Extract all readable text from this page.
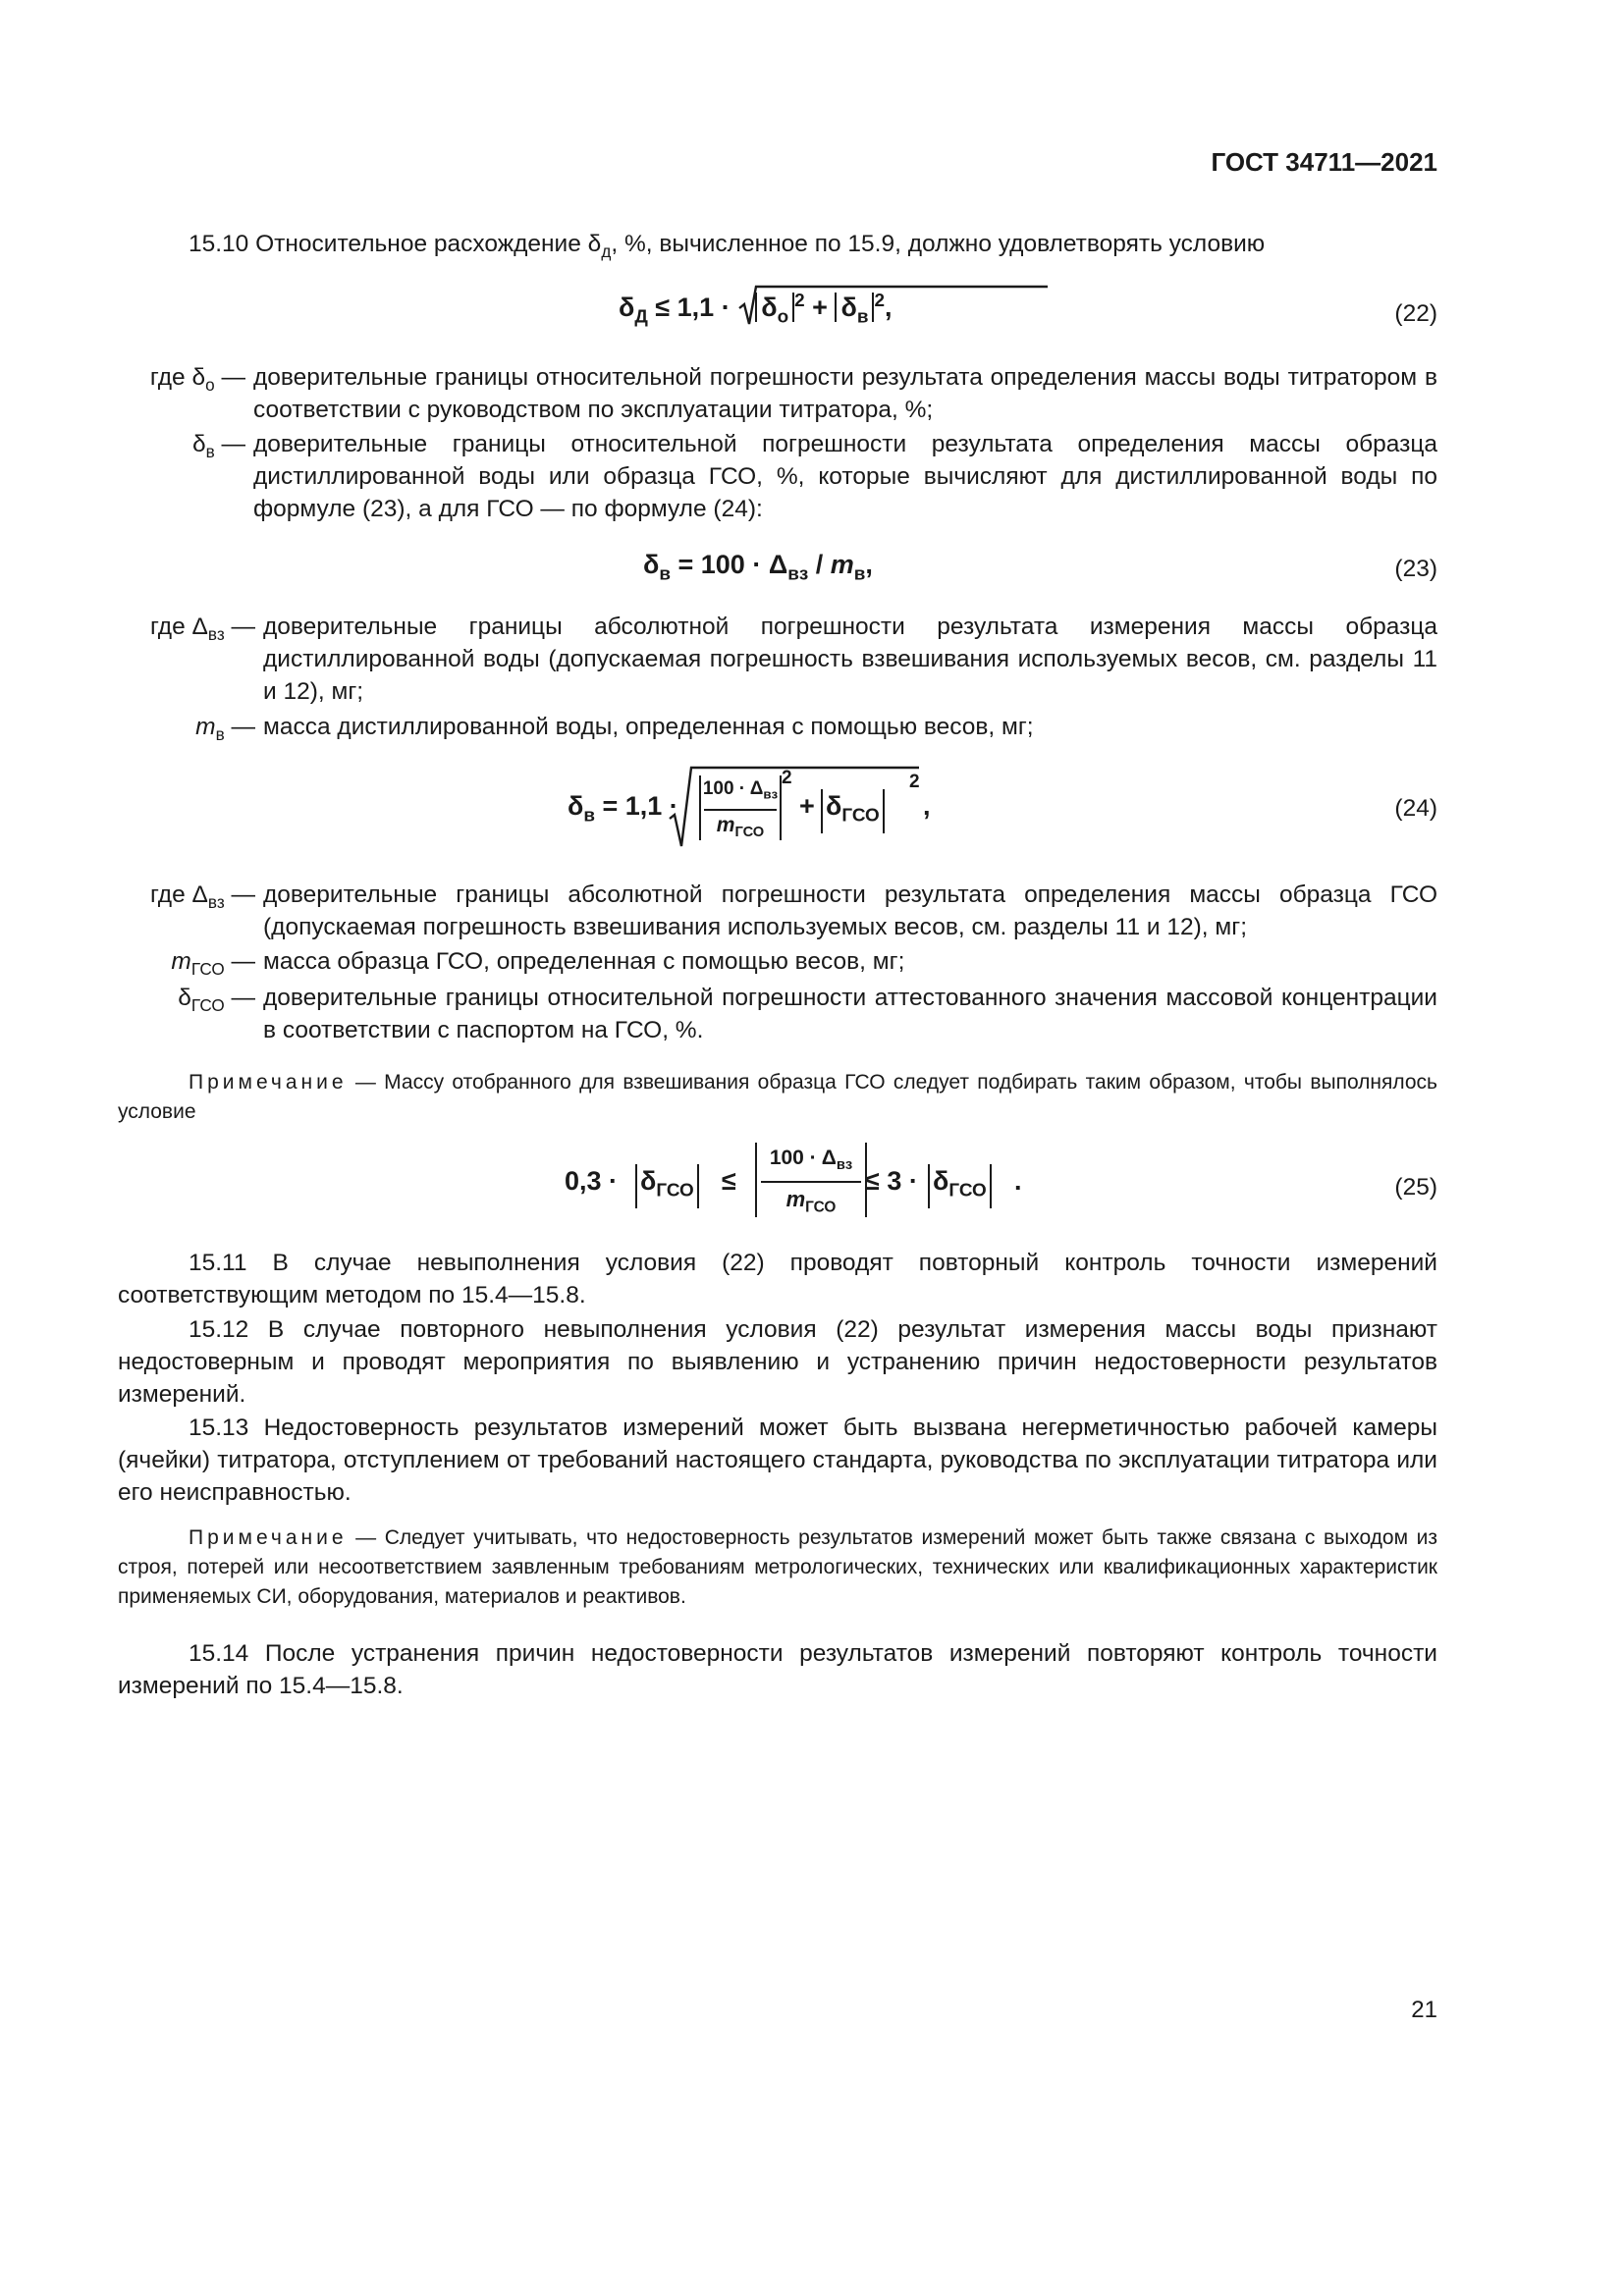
ГОСТ 34711—2021
15.10 Относительное расхождение $\delta_д$, %, вычисленное по 15.9, должно удовлетворять условию
$\delta_Д \le 1,1$ ·
$\delta_о^2 + \delta_в^2$,	(22)
где $\delta_о$ — доверительные границы относительной погрешности результата определения массы воды титратором в соответствии с руководством по эксплуатации титратора, %;
$\delta_в$ — доверительные границы относительной погрешности результата определения массы образца дистиллированной воды или образца ГСО, %, которые вычисляют для дистиллированной воды по формуле (23), а для ГСО — по формуле (24):
$\delta_в = 100 \cdot \Delta_{вз} / m_в$,	(23)
где $\Delta_{вз}$ — доверительные границы абсолютной погрешности результата измерения массы образца дистиллированной воды (допускаемая погрешность взвешивания используемых весов, см. разделы 11 и 12), мг;
$m_в$ — масса дистиллированной воды, определенная с помощью весов, мг;
$\delta_в = 1,1$ ·
$100 \cdot \Delta_{вз}$
$m_{ГСО}$
2
+ $\delta_{ГСО}$
2
,	(24)
где $\Delta_{вз}$ — доверительные границы абсолютной погрешности результата определения массы образца ГСО (допускаемая погрешность взвешивания используемых весов, см. разделы 11 и 12), мг;
$m_{ГСО}$ — масса образца ГСО, определенная с помощью весов, мг;
$\delta_{ГСО}$ — доверительные границы относительной погрешности аттестованного значения массовой концентрации в соответствии с паспортом на ГСО, %.
Примечание — Массу отобранного для взвешивания образца ГСО следует подбирать таким образом, чтобы выполнялось условие
$0,3 \cdot \delta_{ГСО}$ ≤
$100 \cdot \Delta_{вз}$
$m_{ГСО}$
≤ $3 \cdot \delta_{ГСО}$ .	(25)
15.11 В случае невыполнения условия (22) проводят повторный контроль точности измерений соответствующим методом по 15.4—15.8.
15.12 В случае повторного невыполнения условия (22) результат измерения массы воды признают недостоверным и проводят мероприятия по выявлению и устранению причин недостоверности результатов измерений.
15.13 Недостоверность результатов измерений может быть вызвана негерметичностью рабочей камеры (ячейки) титратора, отступлением от требований настоящего стандарта, руководства по эксплуатации титратора или его неисправностью.
Примечание — Следует учитывать, что недостоверность результатов измерений может быть также связана с выходом из строя, потерей или несоответствием заявленным требованиям метрологических, технических или квалификационных характеристик применяемых СИ, оборудования, материалов и реактивов.
15.14 После устранения причин недостоверности результатов измерений повторяют контроль точности измерений по 15.4—15.8.
21
